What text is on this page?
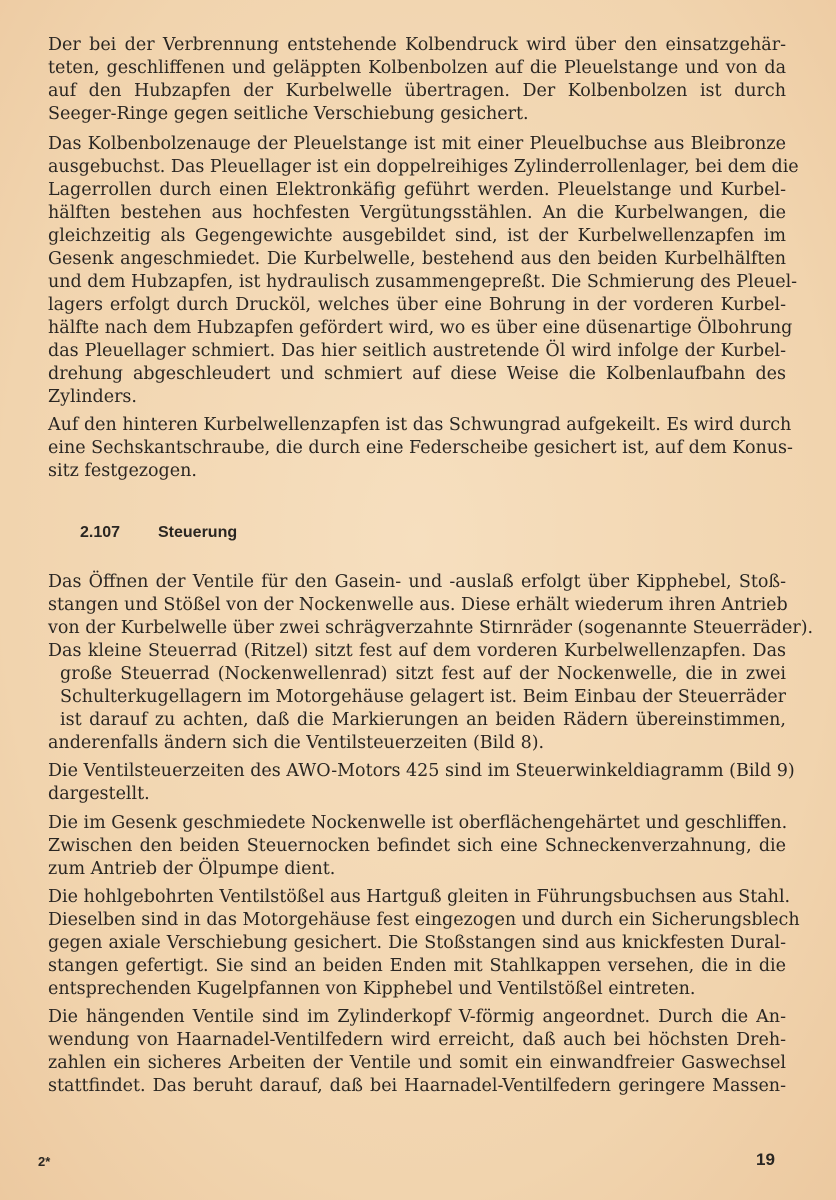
Der bei der Verbrennung entstehende Kolbendruck wird über den einsatzgehär-
teten, geschliffenen und geläppten Kolbenbolzen auf die Pleuelstange und von da
auf den Hubzapfen der Kurbelwelle übertragen. Der Kolbenbolzen ist durch
Seeger-Ringe gegen seitliche Verschiebung gesichert.
Das Kolbenbolzenauge der Pleuelstange ist mit einer Pleuelbuchse aus Bleibronze
ausgebuchst. Das Pleuellager ist ein doppelreihiges Zylinderrollenlager, bei dem die
Lagerrollen durch einen Elektronkäfig geführt werden. Pleuelstange und Kurbel-
hälften bestehen aus hochfesten Vergütungsstählen. An die Kurbelwangen, die
gleichzeitig als Gegengewichte ausgebildet sind, ist der Kurbelwellenzapfen im
Gesenk angeschmiedet. Die Kurbelwelle, bestehend aus den beiden Kurbelhälften
und dem Hubzapfen, ist hydraulisch zusammengepreßt. Die Schmierung des Pleuel-
lagers erfolgt durch Drucköl, welches über eine Bohrung in der vorderen Kurbel-
hälfte nach dem Hubzapfen gefördert wird, wo es über eine düsenartige Ölbohrung
das Pleuellager schmiert. Das hier seitlich austretende Öl wird infolge der Kurbel-
drehung abgeschleudert und schmiert auf diese Weise die Kolbenlaufbahn des
Zylinders.
Auf den hinteren Kurbelwellenzapfen ist das Schwungrad aufgekeilt. Es wird durch
eine Sechskantschraube, die durch eine Federscheibe gesichert ist, auf dem Konus-
sitz festgezogen.
2.107 Steuerung
Das Öffnen der Ventile für den Gasein- und -auslaß erfolgt über Kipphebel, Stoß-
stangen und Stößel von der Nockenwelle aus. Diese erhält wiederum ihren Antrieb
von der Kurbelwelle über zwei schrägverzahnte Stirnräder (sogenannte Steuerräder).
Das kleine Steuerrad (Ritzel) sitzt fest auf dem vorderen Kurbelwellenzapfen. Das
große Steuerrad (Nockenwellenrad) sitzt fest auf der Nockenwelle, die in zwei
Schulterkugellagern im Motorgehäuse gelagert ist. Beim Einbau der Steuerräder
ist darauf zu achten, daß die Markierungen an beiden Rädern übereinstimmen,
anderenfalls ändern sich die Ventilsteuerzeiten (Bild 8).
Die Ventilsteuerzeiten des AWO-Motors 425 sind im Steuerwinkeldiagramm (Bild 9)
dargestellt.
Die im Gesenk geschmiedete Nockenwelle ist oberflächengehärtet und geschliffen.
Zwischen den beiden Steuernocken befindet sich eine Schneckenverzahnung, die
zum Antrieb der Ölpumpe dient.
Die hohlgebohrten Ventilstößel aus Hartguß gleiten in Führungsbuchsen aus Stahl.
Dieselben sind in das Motorgehäuse fest eingezogen und durch ein Sicherungsblech
gegen axiale Verschiebung gesichert. Die Stoßstangen sind aus knickfesten Dural-
stangen gefertigt. Sie sind an beiden Enden mit Stahlkappen versehen, die in die
entsprechenden Kugelpfannen von Kipphebel und Ventilstößel eintreten.
Die hängenden Ventile sind im Zylinderkopf V-förmig angeordnet. Durch die An-
wendung von Haarnadel-Ventilfedern wird erreicht, daß auch bei höchsten Dreh-
zahlen ein sicheres Arbeiten der Ventile und somit ein einwandfreier Gaswechsel
stattfindet. Das beruht darauf, daß bei Haarnadel-Ventilfedern geringere Massen-
2*	19
